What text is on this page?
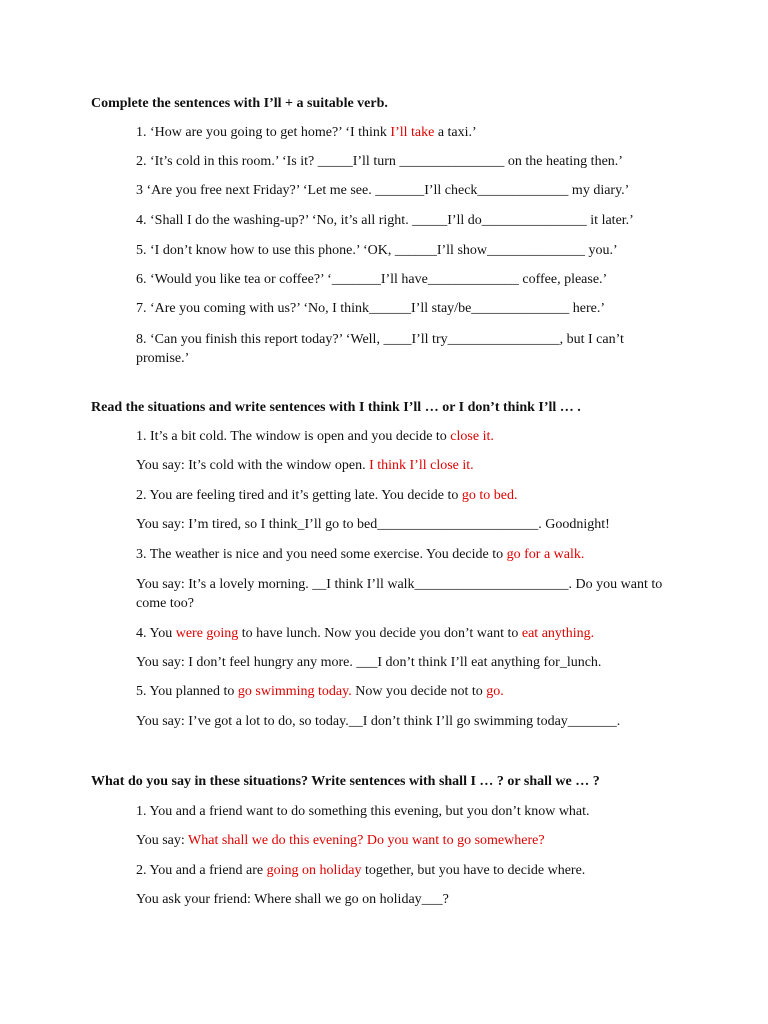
Complete the sentences with I’ll + a suitable verb.
1. ‘How are you going to get home?’ ‘I think I’ll take a taxi.’
2. ‘It’s cold in this room.’ ‘Is it? _____I’ll turn _______________ on the heating then.’
3 ‘Are you free next Friday?’ ‘Let me see. _______I’ll check_____________ my diary.’
4. ‘Shall I do the washing-up?’ ‘No, it’s all right. _____I’ll do_______________ it later.’
5. ‘I don’t know how to use this phone.’ ‘OK, ______I’ll show______________ you.’
6. ‘Would you like tea or coffee?’ ‘_______I’ll have_____________ coffee, please.’
7. ‘Are you coming with us?’ ‘No, I think______I’ll stay/be______________ here.’
8. ‘Can you finish this report today?’ ‘Well, ____I’ll try________________, but I can’t promise.’
Read the situations and write sentences with I think I’ll … or I don’t think I’ll … .
1. It’s a bit cold. The window is open and you decide to close it.
You say: It’s cold with the window open. I think I’ll close it.
2. You are feeling tired and it’s getting late. You decide to go to bed.
You say: I’m tired, so I think_I’ll go to bed_______________________. Goodnight!
3. The weather is nice and you need some exercise. You decide to go for a walk.
You say: It’s a lovely morning. __I think I’ll walk______________________. Do you want to come too?
4. You were going to have lunch. Now you decide you don’t want to eat anything.
You say: I don’t feel hungry any more. ___I don’t think I’ll eat anything for_lunch.
5. You planned to go swimming today. Now you decide not to go.
You say: I’ve got a lot to do, so today.__I don’t think I’ll go swimming today_______.
What do you say in these situations? Write sentences with shall I … ? or shall we … ?
1. You and a friend want to do something this evening, but you don’t know what.
You say: What shall we do this evening? Do you want to go somewhere?
2. You and a friend are going on holiday together, but you have to decide where.
You ask your friend: Where shall we go on holiday___?
